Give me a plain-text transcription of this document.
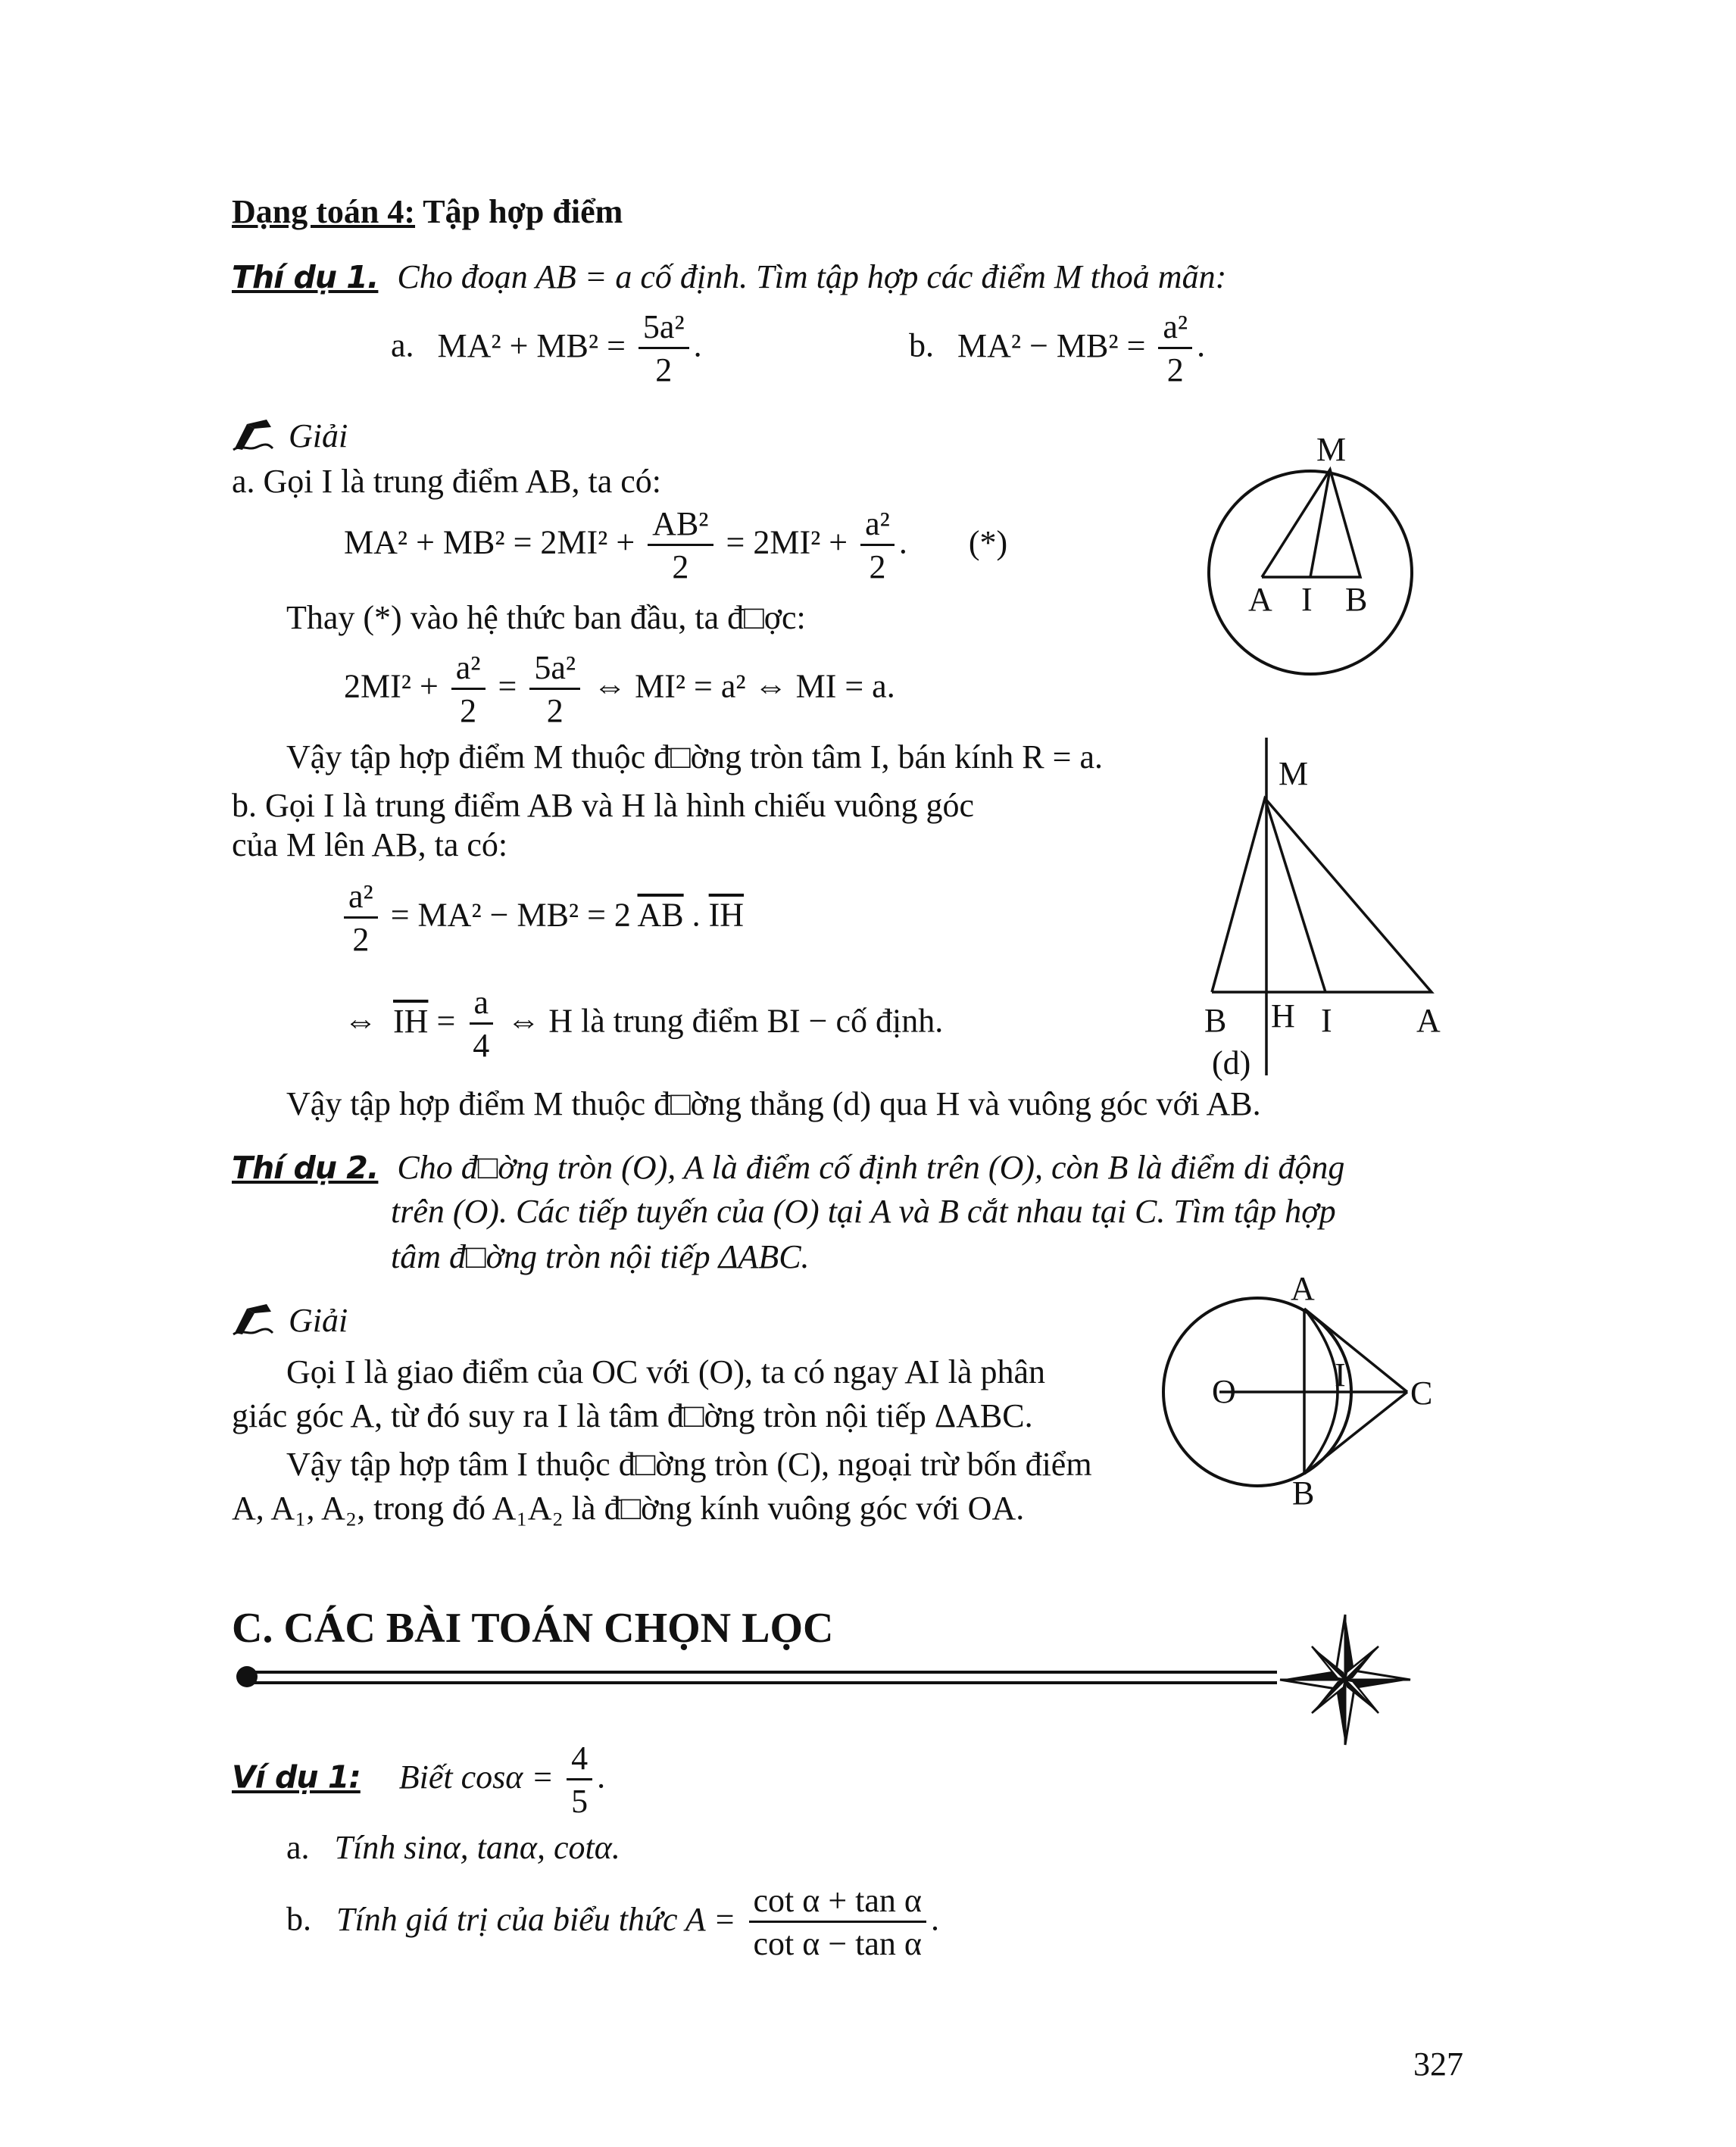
Dạng toán 4: Tập hợp điểm
Thí dụ 1. Cho đoạn AB = a cố định. Tìm tập hợp các điểm M thoả mãn:
a. $MA^2 + MB^2 = \frac{\text{5a²}}{2}$ .	b. $MA^2 - MB^2 = \frac{\text{a²}}{2}$ .
Giải
a. Gọi I là trung điểm AB, ta có:
$MA^2 + MB^2 = 2MI^2 + \frac{\text{AB²}}{2} = 2MI^2 + \frac{\text{a²}}{2}$ . (*)
Thay (*) vào hệ thức ban đầu, ta đ□ợc:
$2MI^2 + \frac{\text{a²}}{2} = \frac{\text{5a²}}{2}$ ⇔ MI² = a² ⇔ MI = a.
Vậy tập hợp điểm M thuộc đ□ờng tròn tâm I, bán kính R = a.
b. Gọi I là trung điểm AB và H là hình chiếu vuông góc
của M lên AB, ta có:
$\frac{\text{a²}}{2} = MA^2 - MB^2 = 2$ $\overline{AB}$ . $\overline{IH}$
⇔ $\overline{IH} = \frac{a}{4}$ ⇔ H là trung điểm BI − cố định.
Vậy tập hợp điểm M thuộc đ□ờng thẳng (d) qua H và vuông góc với AB.
M
A I B
M
B H I	A
(d)
Thí dụ 2. Cho đ□ờng tròn (O), A là điểm cố định trên (O), còn B là điểm di động
trên (O). Các tiếp tuyến của (O) tại A và B cắt nhau tại C. Tìm tập hợp
tâm đ□ờng tròn nội tiếp ΔABC.
Giải
Gọi I là giao điểm của OC với (O), ta có ngay AI là phân
giác góc A, từ đó suy ra I là tâm đ□ờng tròn nội tiếp ΔABC.
Vậy tập hợp tâm I thuộc đ□ờng tròn (C), ngoại trừ bốn điểm
A, A₁, A₂, trong đó A₁A₂ là đ□ờng kính vuông góc với OA.
A
O	I C
B
C. CÁC BÀI TOÁN CHỌN LỌC
Ví dụ 1: Biết $\cos\alpha = \frac{4}{5}$ .
a. Tính sinα, tanα, cotα.
b. Tính giá trị của biểu thức $A = \frac{\text{cot α + tan α}}{\text{cot α − tan α}}$ .
327
